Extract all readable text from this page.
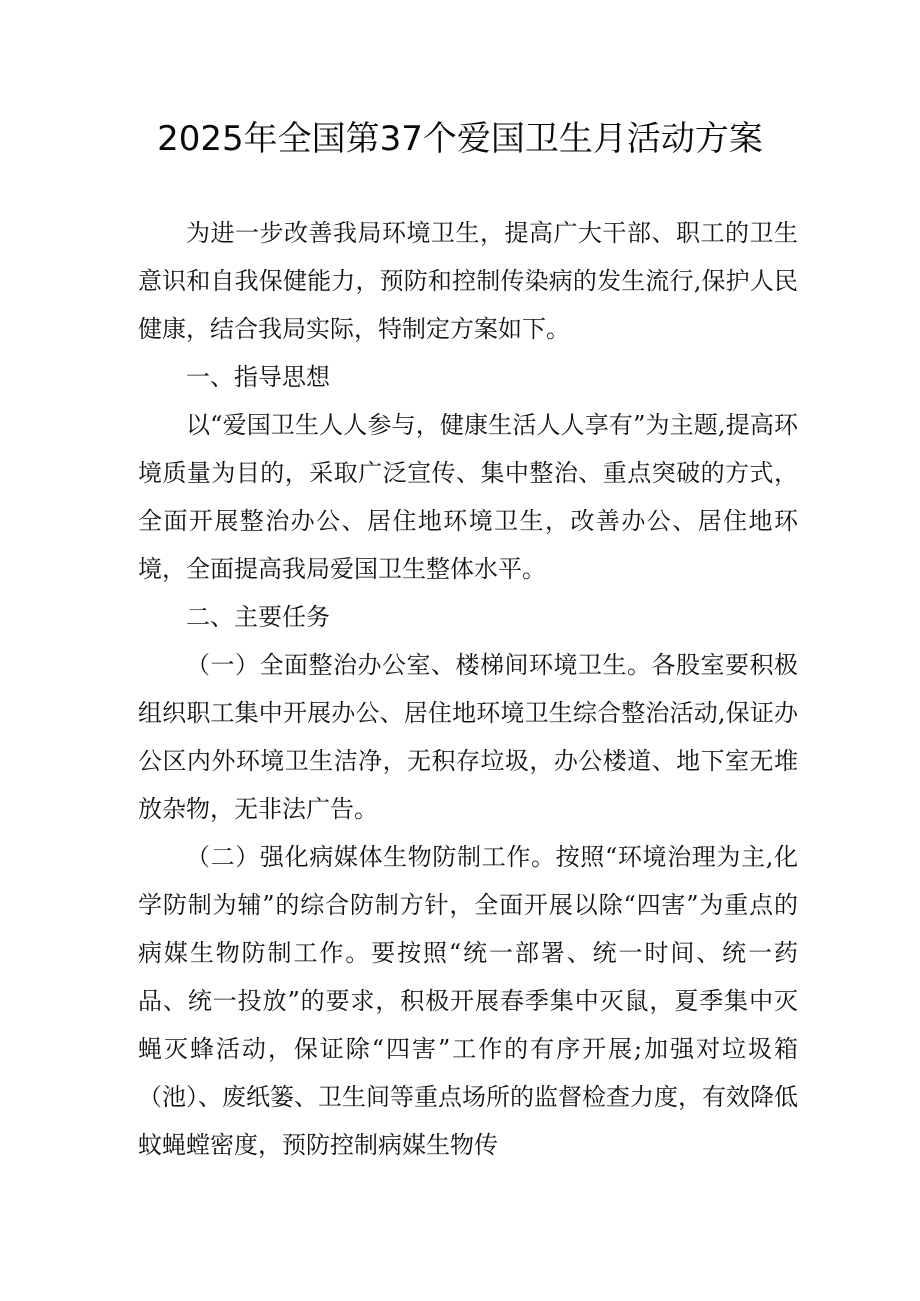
2025年全国第37个爱国卫生月活动方案

为进一步改善我局环境卫生，提高广大干部、职工的卫生意识和自我保健能力，预防和控制传染病的发生流行,保护人民健康，结合我局实际，特制定方案如下。

一、指导思想

以“爱国卫生人人参与，健康生活人人享有”为主题,提高环境质量为目的，采取广泛宣传、集中整治、重点突破的方式，全面开展整治办公、居住地环境卫生，改善办公、居住地环境，全面提高我局爱国卫生整体水平。

二、主要任务

（一）全面整治办公室、楼梯间环境卫生。各股室要积极组织职工集中开展办公、居住地环境卫生综合整治活动,保证办公区内外环境卫生洁净，无积存垃圾，办公楼道、地下室无堆放杂物，无非法广告。

（二）强化病媒体生物防制工作。按照“环境治理为主,化学防制为辅”的综合防制方针，全面开展以除“四害”为重点的病媒生物防制工作。要按照“统一部署、统一时间、统一药品、统一投放”的要求，积极开展春季集中灭鼠，夏季集中灭蝇灭蜂活动，保证除“四害”工作的有序开展;加强对垃圾箱（池）、废纸篓、卫生间等重点场所的监督检查力度，有效降低蚊蝇螳密度，预防控制病媒生物传
